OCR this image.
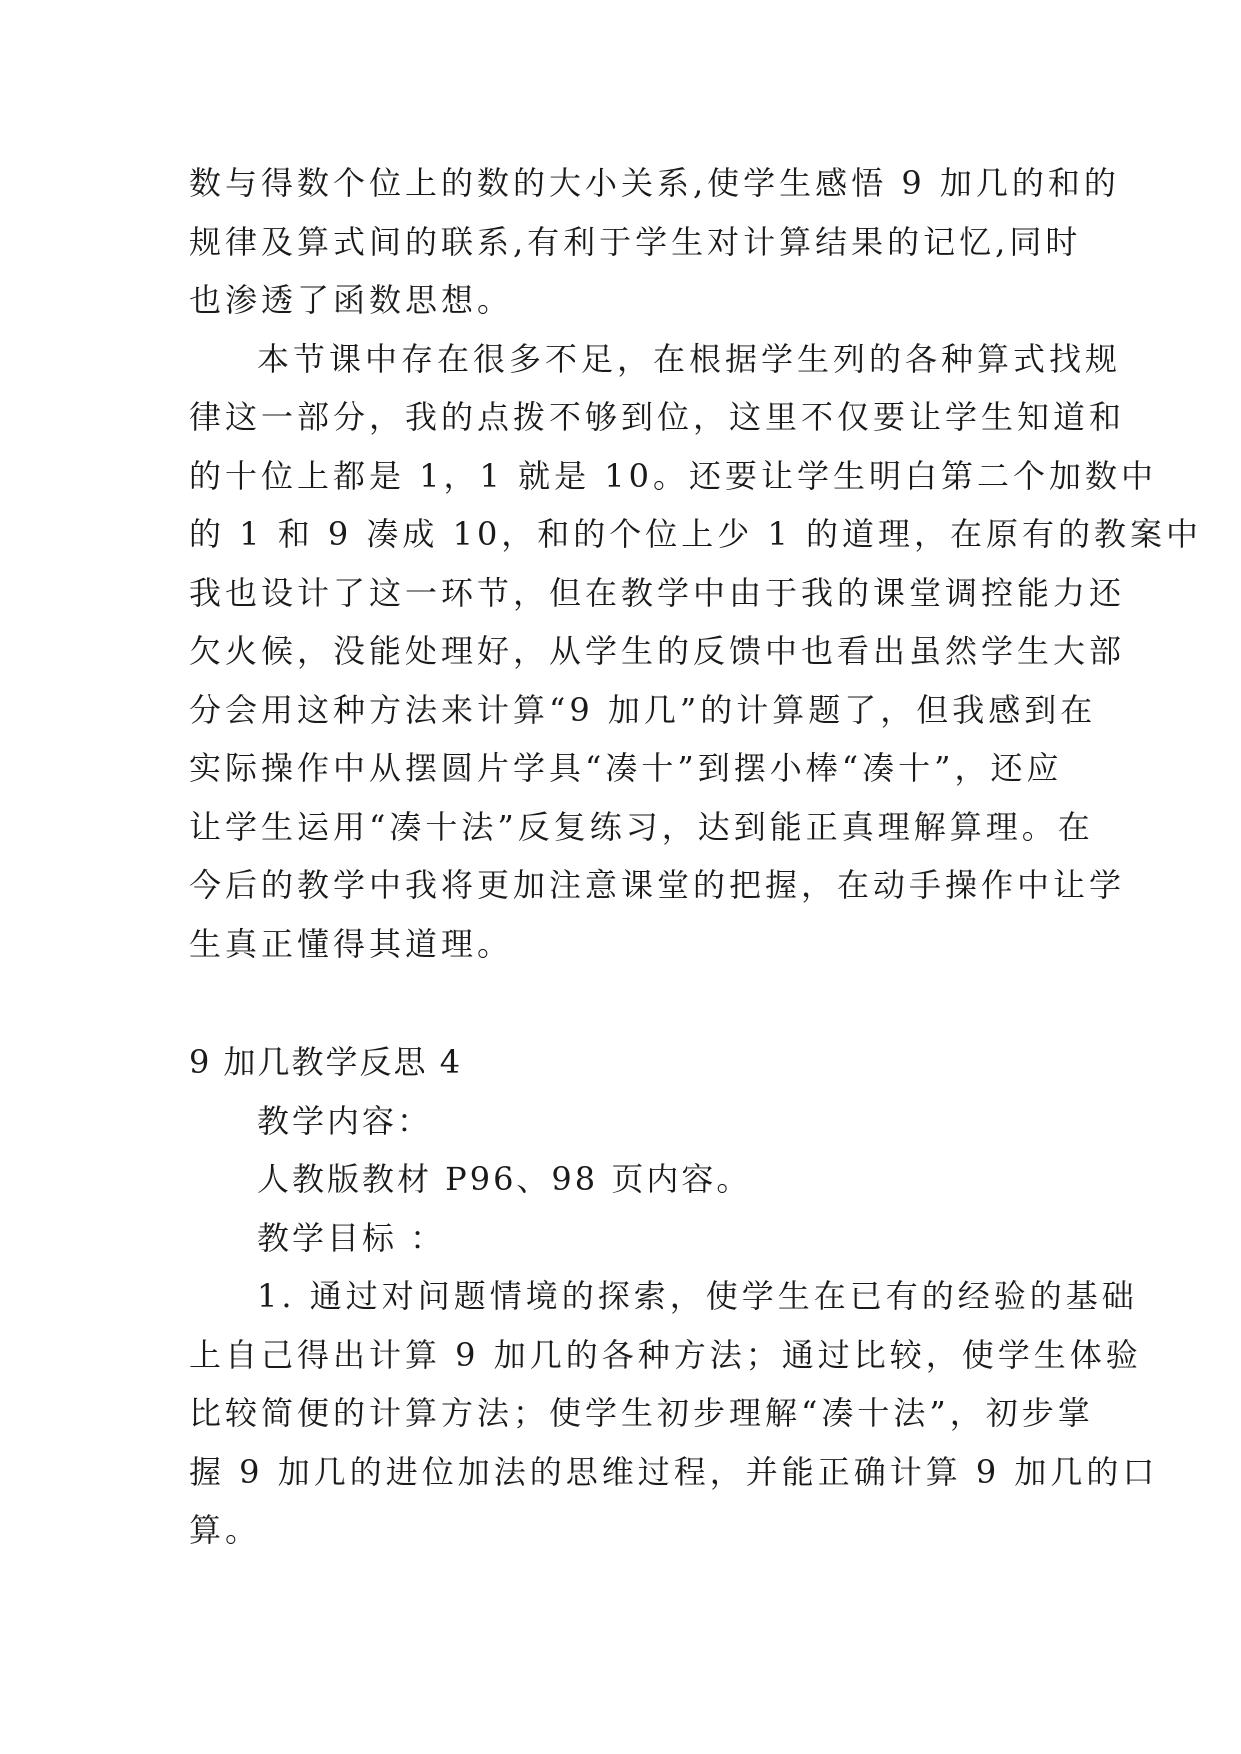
数与得数个位上的数的大小关系,使学生感悟 9 加几的和的
规律及算式间的联系,有利于学生对计算结果的记忆,同时
也渗透了函数思想。
本节课中存在很多不足，在根据学生列的各种算式找规
律这一部分，我的点拨不够到位，这里不仅要让学生知道和
的十位上都是 1，1 就是 10。还要让学生明白第二个加数中
的 1 和 9 凑成 10，和的个位上少 1 的道理，在原有的教案中
我也设计了这一环节，但在教学中由于我的课堂调控能力还
欠火候，没能处理好，从学生的反馈中也看出虽然学生大部
分会用这种方法来计算“9 加几”的计算题了，但我感到在
实际操作中从摆圆片学具“凑十”到摆小棒“凑十”，还应
让学生运用“凑十法”反复练习，达到能正真理解算理。在
今后的教学中我将更加注意课堂的把握，在动手操作中让学
生真正懂得其道理。
9 加几教学反思 4
教学内容：
人教版教材 P96、98 页内容。
教学目标 ：
1. 通过对问题情境的探索，使学生在已有的经验的基础
上自己得出计算 9 加几的各种方法；通过比较，使学生体验
比较简便的计算方法；使学生初步理解“凑十法”，初步掌
握 9 加几的进位加法的思维过程，并能正确计算 9 加几的口
算。
